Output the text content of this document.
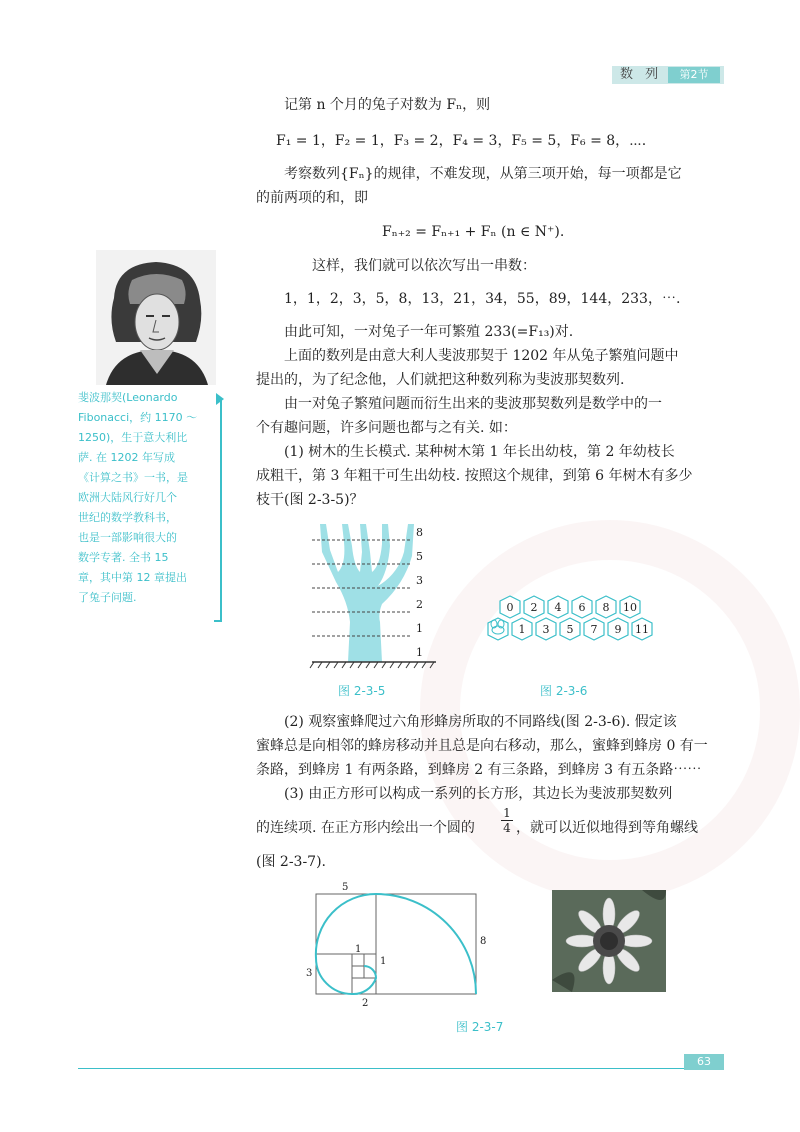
数 列	第2节
记第 n 个月的兔子对数为 Fₙ，则
F₁ = 1，F₂ = 1，F₃ = 2，F₄ = 3，F₅ = 5，F₆ = 8，⋯.
考察数列{Fₙ}的规律，不难发现，从第三项开始，每一项都是它
的前两项的和，即
Fₙ₊₂ = Fₙ₊₁ + Fₙ (n ∈ N⁺).
这样，我们就可以依次写出一串数：
1，1，2，3，5，8，13，21，34，55，89，144，233，⋯.
由此可知，一对兔子一年可繁殖 233(=F₁₃)对.
上面的数列是由意大利人斐波那契于 1202 年从兔子繁殖问题中
提出的，为了纪念他，人们就把这种数列称为斐波那契数列.
由一对兔子繁殖问题而衍生出来的斐波那契数列是数学中的一
个有趣问题，许多问题也都与之有关. 如：
(1) 树木的生长模式. 某种树木第 1 年长出幼枝，第 2 年幼枝长
成粗干，第 3 年粗干可生出幼枝. 按照这个规律，到第 6 年树木有多少
枝干(图 2-3-5)？
斐波那契(Leonardo
Fibonacci，约 1170 ～
1250)，生于意大利比
萨. 在 1202 年写成
《计算之书》一书，是
欧洲大陆风行好几个
世纪的数学教科书，
也是一部影响很大的
数学专著. 全书 15
章，其中第 12 章提出
了兔子问题.
8
5
3
2
1
1
图 2-3-5
0 2 4 6 8 10
1 3 5 7 9 11
图 2-3-6
(2) 观察蜜蜂爬过六角形蜂房所取的不同路线(图 2-3-6). 假定该
蜜蜂总是向相邻的蜂房移动并且总是向右移动，那么，蜜蜂到蜂房 0 有一
条路，到蜂房 1 有两条路，到蜂房 2 有三条路，到蜂房 3 有五条路⋯⋯
(3) 由正方形可以构成一系列的长方形，其边长为斐波那契数列
的连续项. 在正方形内绘出一个圆的 $\frac{1}{4}$ ，就可以近似地得到等角螺线
(图 2-3-7).
5
8
1
1
3
2
图 2-3-7
63
